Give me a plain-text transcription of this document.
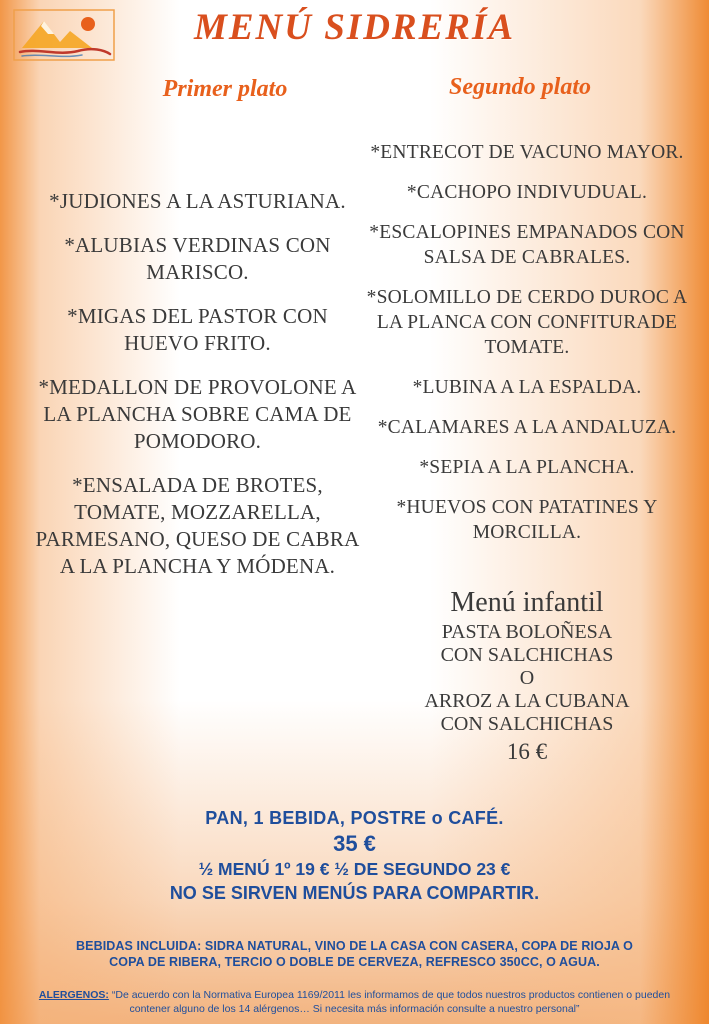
MENÚ SIDRERÍA
Primer plato	Segundo plato

*JUDIONES A LA ASTURIANA.

*ALUBIAS VERDINAS CON MARISCO.

*MIGAS DEL PASTOR CON HUEVO FRITO.

*MEDALLON DE PROVOLONE A LA PLANCHA SOBRE CAMA DE POMODORO.

*ENSALADA DE BROTES, TOMATE, MOZZARELLA, PARMESANO, QUESO DE CABRA A LA PLANCHA Y MÓDENA.

*ENTRECOT DE VACUNO MAYOR.

*CACHOPO INDIVUDUAL.

*ESCALOPINES EMPANADOS CON SALSA DE CABRALES.

*SOLOMILLO DE CERDO DUROC A LA PLANCA CON CONFITURADE TOMATE.

*LUBINA A LA ESPALDA.

*CALAMARES A LA ANDALUZA.

*SEPIA A LA PLANCHA.

*HUEVOS CON PATATINES Y MORCILLA.

Menú infantil
PASTA BOLOÑESA
CON SALCHICHAS
O
ARROZ A LA CUBANA
CON SALCHICHAS
16 €
PAN, 1 BEBIDA, POSTRE o CAFÉ.
35 €
½ MENÚ 1º 19 € ½ DE SEGUNDO 23 €
NO SE SIRVEN MENÚS PARA COMPARTIR.
BEBIDAS INCLUIDA: SIDRA NATURAL, VINO DE LA CASA CON CASERA, COPA DE RIOJA O
COPA DE RIBERA, TERCIO O DOBLE DE CERVEZA, REFRESCO 350CC, O AGUA.
ALERGENOS: “De acuerdo con la Normativa Europea 1169/2011 les informamos de que todos nuestros productos contienen o pueden contener alguno de los 14 alérgenos… Si necesita más información consulte a nuestro personal”
